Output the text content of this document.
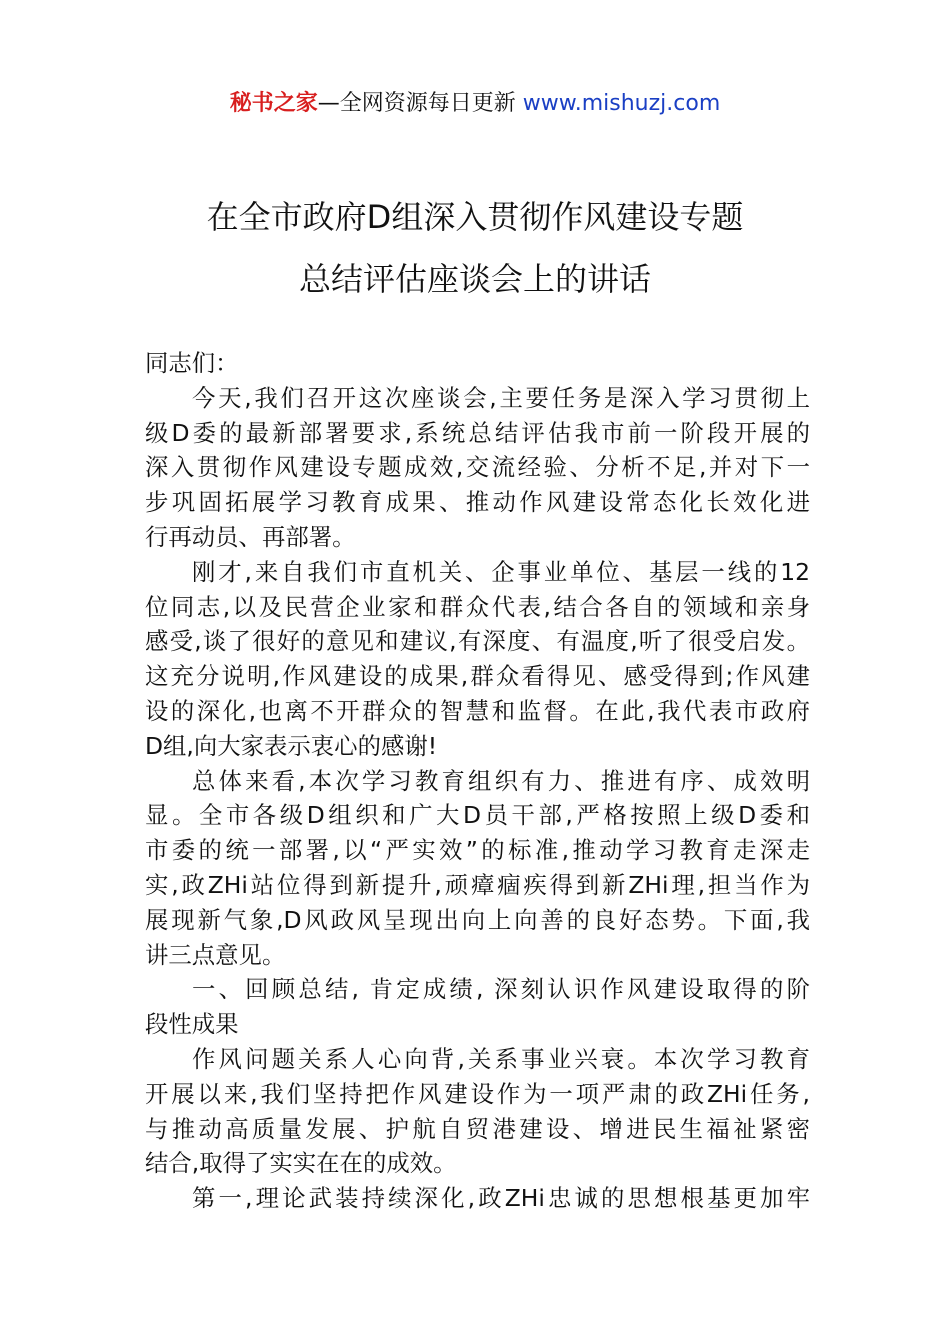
秘书之家—全网资源每日更新 www.mishuzj.com
在全市政府D组深入贯彻作风建设专题
总结评估座谈会上的讲话
同志们：
今天,我们召开这次座谈会,主要任务是深入学习贯彻上
级D委的最新部署要求,系统总结评估我市前一阶段开展的
深入贯彻作风建设专题成效,交流经验、分析不足,并对下一
步巩固拓展学习教育成果、推动作风建设常态化长效化进
行再动员、再部署。
刚才,来自我们市直机关、企事业单位、基层一线的12
位同志,以及民营企业家和群众代表,结合各自的领域和亲身
感受,谈了很好的意见和建议,有深度、有温度,听了很受启发。
这充分说明,作风建设的成果,群众看得见、感受得到;作风建
设的深化,也离不开群众的智慧和监督。在此,我代表市政府
D组,向大家表示衷心的感谢!
总体来看,本次学习教育组织有力、推进有序、成效明
显。全市各级D组织和广大D员干部,严格按照上级D委和
市委的统一部署,以“严实效”的标准,推动学习教育走深走
实,政ZHi站位得到新提升,顽瘴痼疾得到新ZHi理,担当作为
展现新气象,D风政风呈现出向上向善的良好态势。下面,我
讲三点意见。
一、回顾总结, 肯定成绩, 深刻认识作风建设取得的阶
段性成果
作风问题关系人心向背,关系事业兴衰。本次学习教育
开展以来,我们坚持把作风建设作为一项严肃的政ZHi任务,
与推动高质量发展、护航自贸港建设、增进民生福祉紧密
结合,取得了实实在在的成效。
第一,理论武装持续深化,政ZHi忠诚的思想根基更加牢
